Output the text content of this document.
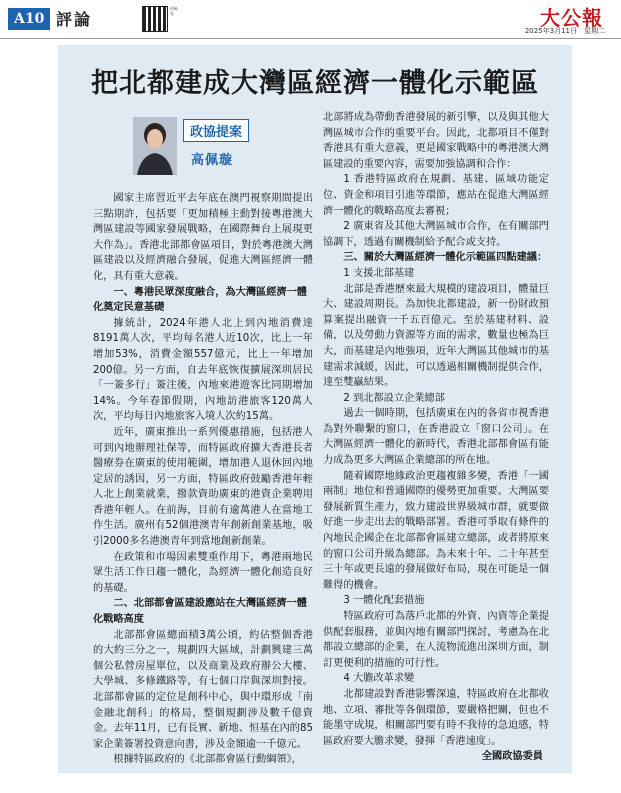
A10 評論
掃碼看	大公報
2025年3月11日　星期二
把北都建成大灣區經濟一體化示範區
政協提案
高佩璇

國家主席習近平去年底在澳門視察期間提出三點期許，包括要「更加積極主動對接粵港澳大灣區建設等國家發展戰略，在國際舞台上展現更大作為」。香港北部都會區項目，對於粵港澳大灣區建設以及經濟融合發展，促進大灣區經濟一體化，具有重大意義。

一、粵港民眾深度融合，為大灣區經濟一體化奠定民意基礎

據統計，2024年港人北上到內地消費達8191萬人次，平均每名港人近10次，比上一年增加53%，消費金額557億元，比上一年增加200億。另一方面，自去年底恢復擴展深圳居民「一簽多行」簽注後，內地來港遊客比同期增加14%。今年春節假期，內地訪港旅客120萬人次，平均每日內地旅客入境人次約15萬。

近年，廣東推出一系列優惠措施，包括港人可到內地辦理社保等，而特區政府擴大香港長者醫療券在廣東的使用範圍，增加港人退休回內地定居的誘因，另一方面，特區政府鼓勵香港年輕人北上創業就業，撥款資助廣東的港資企業聘用香港年輕人。在前海，目前有逾萬港人在當地工作生活。廣州有52個港澳青年創新創業基地，吸引2000多名港澳青年到當地創新創業。

在政策和市場因素雙重作用下，粵港兩地民眾生活工作日趨一體化，為經濟一體化創造良好的基礎。

二、北部都會區建設應站在大灣區經濟一體化戰略高度

北部都會區總面積3萬公頃，約佔整個香港的大約三分之一，規劃四大區域，計劃興建三萬個公私營房屋單位，以及商業及政府辦公大樓、大學城、多條鐵路等，有七個口岸與深圳對接。北部都會區的定位是創科中心，與中環形成「南金融北創科」的格局，整個規劃涉及數千億資金。去年11月，已有長實、新地、恒基在內的85家企業簽署投資意向書，涉及金額逾一千億元。

根據特區政府的《北部都會區行動綱領》，

北部將成為帶動香港發展的新引擎，以及與其他大灣區城市合作的重要平台。因此，北都項目不僅對香港具有重大意義，更是國家戰略中的粵港澳大灣區建設的重要內容，需要加強協調和合作：

1 香港特區政府在規劃、基建、區域功能定位、資金和項目引進等環節，應站在促進大灣區經濟一體化的戰略高度去審視；

2 廣東省及其他大灣區城市合作，在有關部門協調下，透過有關機制給予配合或支持。

三、關於大灣區經濟一體化示範區四點建議：

1 支援北部基建

北部是香港歷來最大規模的建設項目，體量巨大、建設周期長。為加快北都建設，新一份財政預算案提出融資一千五百億元。至於基建材料、設備，以及勞動力資源等方面的需求，數量也極為巨大，而基建是內地強項，近年大灣區其他城市的基建需求減緩，因此，可以透過相關機制提供合作，達至雙贏結果。

2 到北都設立企業總部

過去一個時期，包括廣東在內的各省市視香港為對外聯繫的窗口，在香港設立「窗口公司」。在大灣區經濟一體化的新時代，香港北部都會區有能力成為更多大灣區企業總部的所在地。

隨着國際地緣政治更趨複雜多變，香港「一國兩制」地位和普通國際的優勢更加重要。大灣區要發展新質生產力，致力建設世界級城市群，就要做好進一步走出去的戰略部署。香港可爭取有條件的內地民企國企在北部都會區建立總部，或者將原來的窗口公司升級為總部。為未來十年、二十年甚至三十年或更長遠的發展做好布局，現在可能是一個難得的機會。

3 一體化配套措施

特區政府可為落戶北都的外資、內資等企業提供配套服務，並與內地有關部門探討，考慮為在北都設立總部的企業，在人流物流進出深圳方面，制訂更便利的措施的可行性。

4 大膽改革求變

北都建設對香港影響深遠，特區政府在北都收地、立項、審批等各個環節，要嚴格把關，但也不能墨守成規，相關部門要有時不我待的急迫感，特區政府要大膽求變，發揮「香港速度」。

全國政協委員
